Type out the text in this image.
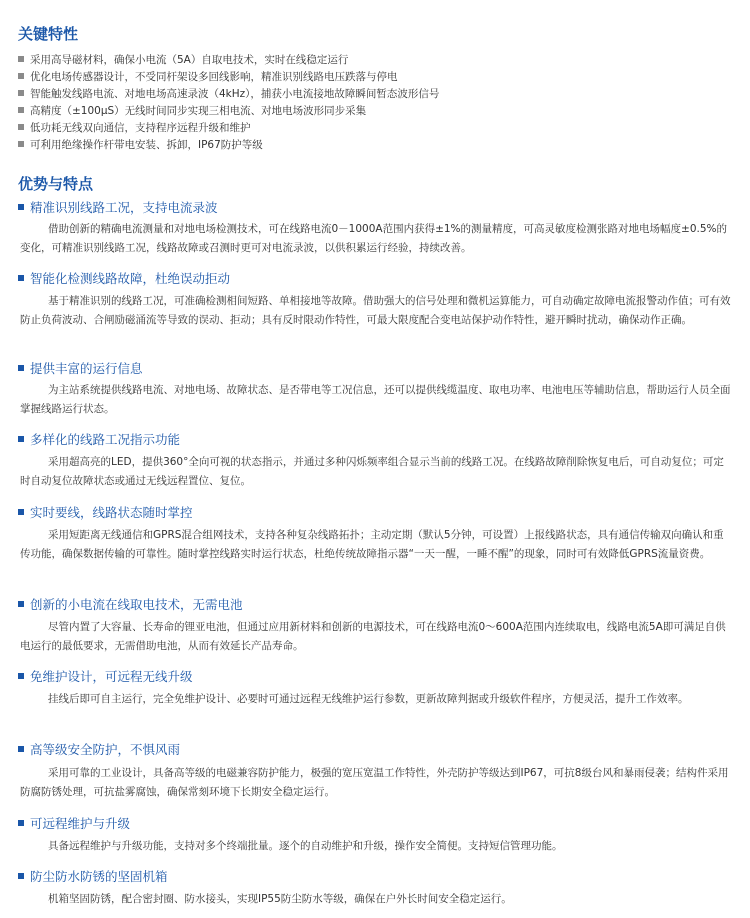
关键特性
采用高导磁材料，确保小电流（5A）自取电技术，实时在线稳定运行
优化电场传感器设计，不受同杆架设多回线影响，精准识别线路电压跌落与停电
智能触发线路电流、对地电场高速录波（4kHz），捕获小电流接地故障瞬间暂态波形信号
高精度（±100μS）无线时间同步实现三相电流、对地电场波形同步采集
低功耗无线双向通信，支持程序远程升级和维护
可利用绝缘操作杆带电安装、拆卸，IP67防护等级
优势与特点
精准识别线路工况，支持电流录波
借助创新的精确电流测量和对地电场检测技术，可在线路电流0－1000A范围内获得±1%的测量精度，可高灵敏度检测张路对地电场幅度±0.5%的变化，可精准识别线路工况，线路故障或召测时更可对电流录波，以供积累运行经验，持续改善。
智能化检测线路故障，杜绝误动拒动
基于精准识别的线路工况，可准确检测相间短路、单相接地等故障。借助强大的信号处理和微机运算能力，可自动确定故障电流报警动作值；可有效防止负荷波动、合闸励磁涌流等导致的误动、拒动；具有反时限动作特性，可最大限度配合变电站保护动作特性，避开瞬时扰动，确保动作正确。
提供丰富的运行信息
为主站系统提供线路电流、对地电场、故障状态、是否带电等工况信息，还可以提供线缆温度、取电功率、电池电压等辅助信息，帮助运行人员全面掌握线路运行状态。
多样化的线路工况指示功能
采用超高亮的LED，提供360°全向可视的状态指示，并通过多种闪烁频率组合显示当前的线路工况。在线路故障削除恢复电后，可自动复位；可定时自动复位故障状态或通过无线远程置位、复位。
实时要线，线路状态随时掌控
采用短距离无线通信和GPRS混合组网技术，支持各种复杂线路拓扑；主动定期（默认5分钟，可设置）上报线路状态，具有通信传输双向确认和重传功能，确保数据传输的可靠性。随时掌控线路实时运行状态，杜绝传统故障指示器“一天一醒，一睡不醒”的现象，同时可有效降低GPRS流量资费。
创新的小电流在线取电技术，无需电池
尽管内置了大容量、长寿命的锂亚电池，但通过应用新材料和创新的电源技术，可在线路电流0～600A范围内连续取电，线路电流5A即可满足自供电运行的最低要求，无需借助电池，从而有效延长产品寿命。
免维护设计，可远程无线升级
挂线后即可自主运行，完全免维护设计、必要时可通过远程无线维护运行参数，更新故障判据或升级软件程序，方便灵活，提升工作效率。
高等级安全防护，不惧风雨
采用可靠的工业设计，具备高等级的电磁兼容防护能力，极强的宽压宽温工作特性，外壳防护等级达到IP67，可抗8级台风和暴雨侵袭；结构件采用防腐防锈处理，可抗盐雾腐蚀，确保常刻环境下长期安全稳定运行。
可远程维护与升级
具备远程维护与升级功能，支持对多个终端批量。逐个的自动维护和升级，操作安全简便。支持短信管理功能。
防尘防水防锈的坚固机箱
机箱坚固防锈，配合密封圈、防水接头，实现IP55防尘防水等级，确保在户外长时间安全稳定运行。
